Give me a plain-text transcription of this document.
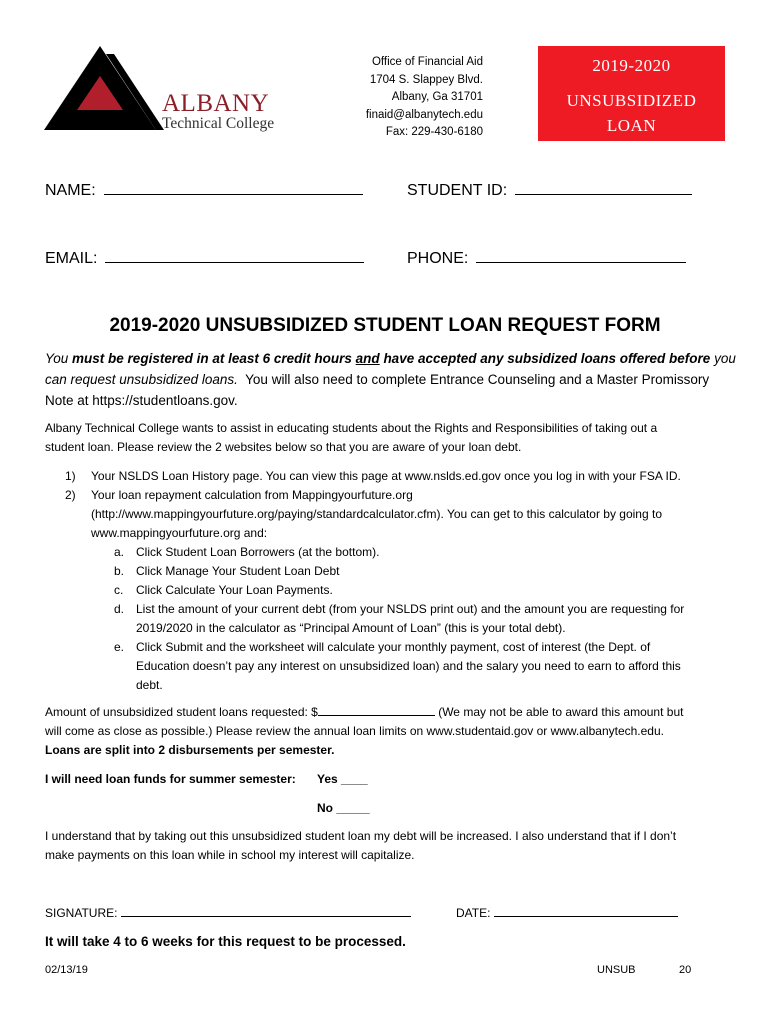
ALBANY
Technical College
Office of Financial Aid
1704 S. Slappey Blvd.
Albany, Ga 31701
finaid@albanytech.edu
Fax: 229-430-6180
2019-2020
UNSUBSIDIZED
LOAN
NAME:	STUDENT ID:
EMAIL:	PHONE:
2019-2020 UNSUBSIDIZED STUDENT LOAN REQUEST FORM
You must be registered in at least 6 credit hours and have accepted any subsidized loans offered before you
can request unsubsidized loans. You will also need to complete Entrance Counseling and a Master Promissory
Note at https://studentloans.gov.
Albany Technical College wants to assist in educating students about the Rights and Responsibilities of taking out a
student loan. Please review the 2 websites below so that you are aware of your loan debt.
1) Your NSLDS Loan History page. You can view this page at www.nslds.ed.gov once you log in with your FSA ID.
2) Your loan repayment calculation from Mappingyourfuture.org
(http://www.mappingyourfuture.org/paying/standardcalculator.cfm). You can get to this calculator by going to
www.mappingyourfuture.org and:
a. Click Student Loan Borrowers (at the bottom).
b. Click Manage Your Student Loan Debt
c. Click Calculate Your Loan Payments.
d. List the amount of your current debt (from your NSLDS print out) and the amount you are requesting for
2019/2020 in the calculator as “Principal Amount of Loan” (this is your total debt).
e. Click Submit and the worksheet will calculate your monthly payment, cost of interest (the Dept. of
Education doesn’t pay any interest on unsubsidized loan) and the salary you need to earn to afford this
debt.
Amount of unsubsidized student loans requested: $	(We may not be able to award this amount but
will come as close as possible.) Please review the annual loan limits on www.studentaid.gov or www.albanytech.edu.
Loans are split into 2 disbursements per semester.
I will need loan funds for summer semester: Yes ____
No _____
I understand that by taking out this unsubsidized student loan my debt will be increased. I also understand that if I don’t
make payments on this loan while in school my interest will capitalize.
SIGNATURE:	DATE:
It will take 4 to 6 weeks for this request to be processed.
02/13/19	UNSUB	20
